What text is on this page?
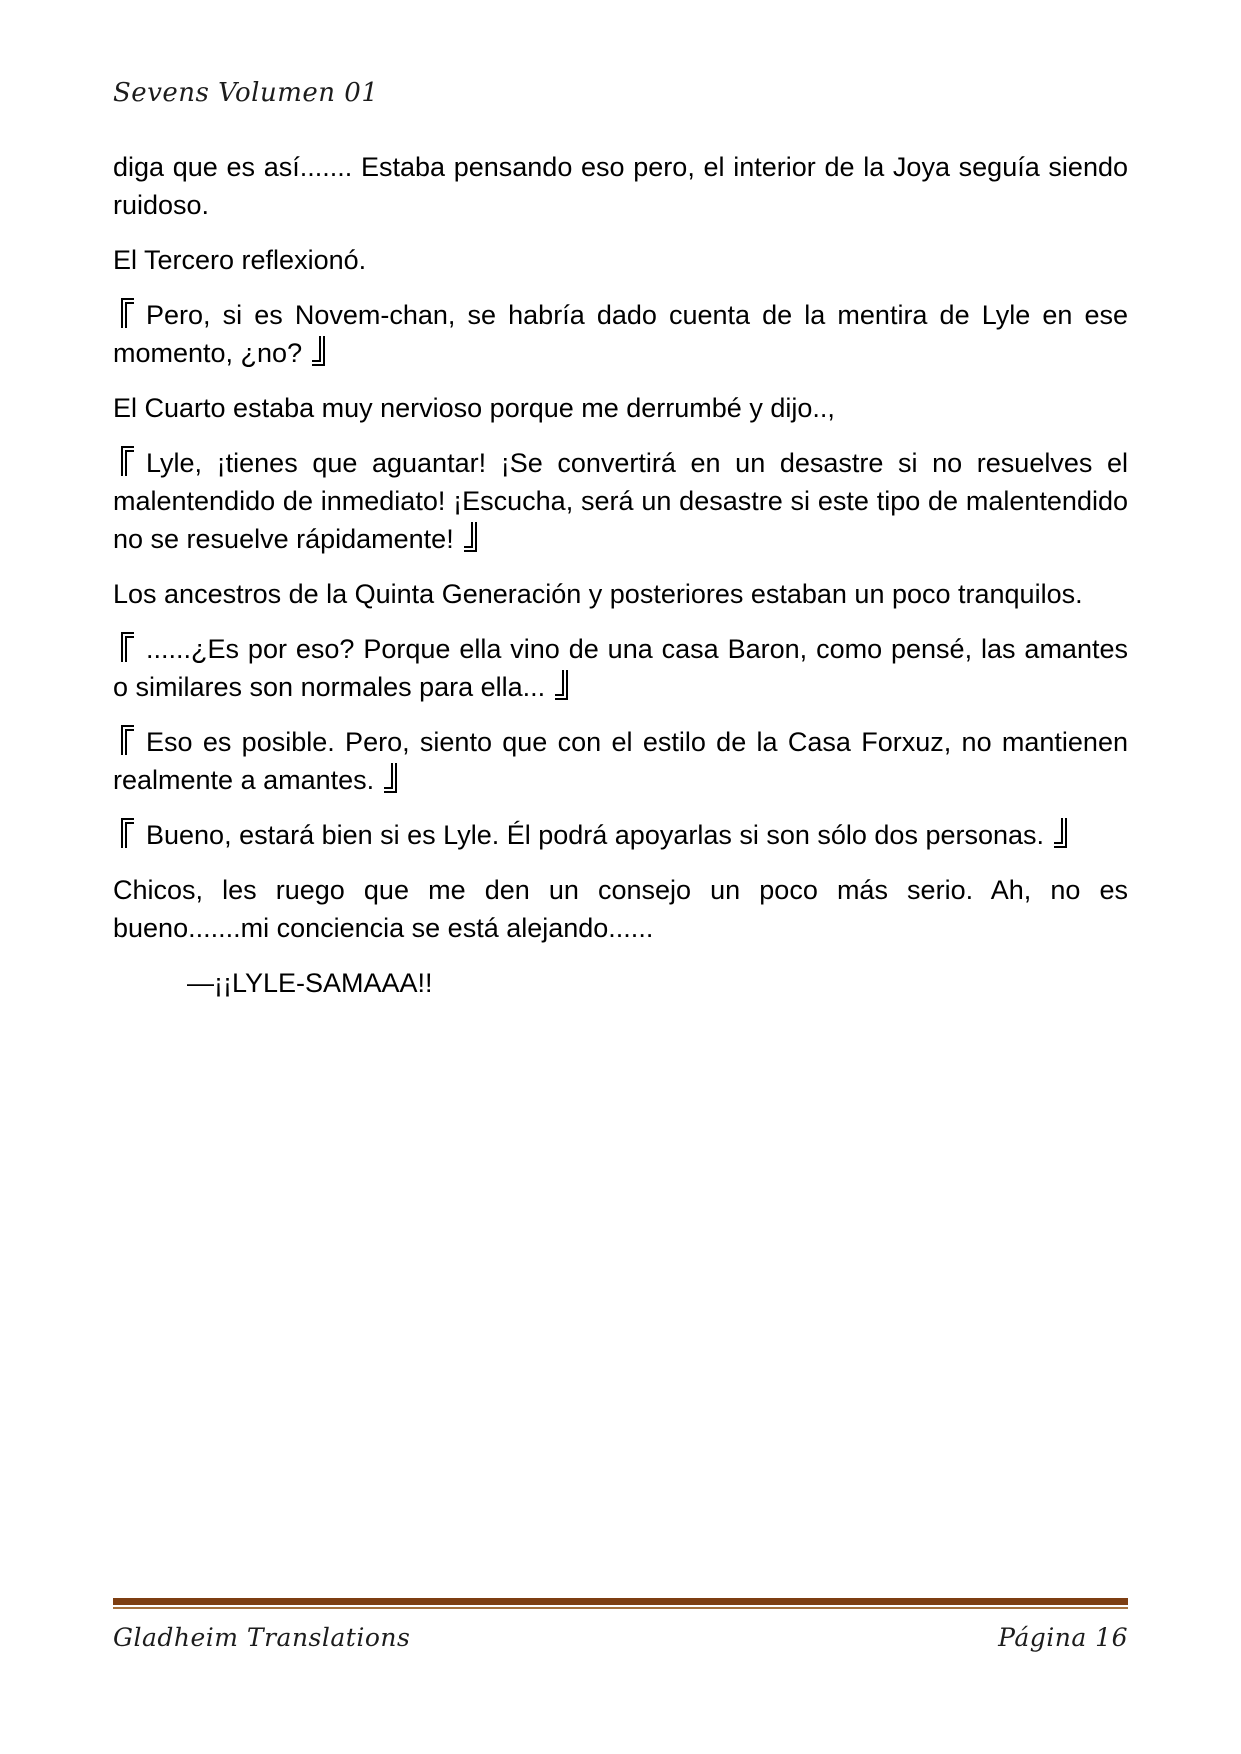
Sevens Volumen 01

diga que es así....... Estaba pensando eso pero, el interior de la Joya seguía siendo ruidoso.

El Tercero reflexionó.

Pero, si es Novem-chan, se habría dado cuenta de la mentira de Lyle en ese momento, ¿no?

El Cuarto estaba muy nervioso porque me derrumbé y dijo..,

Lyle, ¡tienes que aguantar! ¡Se convertirá en un desastre si no resuelves el malentendido de inmediato! ¡Escucha, será un desastre si este tipo de malentendido no se resuelve rápidamente!

Los ancestros de la Quinta Generación y posteriores estaban un poco tranquilos.

......¿Es por eso? Porque ella vino de una casa Baron, como pensé, las amantes o similares son normales para ella...

Eso es posible. Pero, siento que con el estilo de la Casa Forxuz, no mantienen realmente a amantes.

Bueno, estará bien si es Lyle. Él podrá apoyarlas si son sólo dos personas.

Chicos, les ruego que me den un consejo un poco más serio. Ah, no es bueno.......mi conciencia se está alejando......

—¡¡LYLE-SAMAAA!!

Gladheim Translations	Página 16
